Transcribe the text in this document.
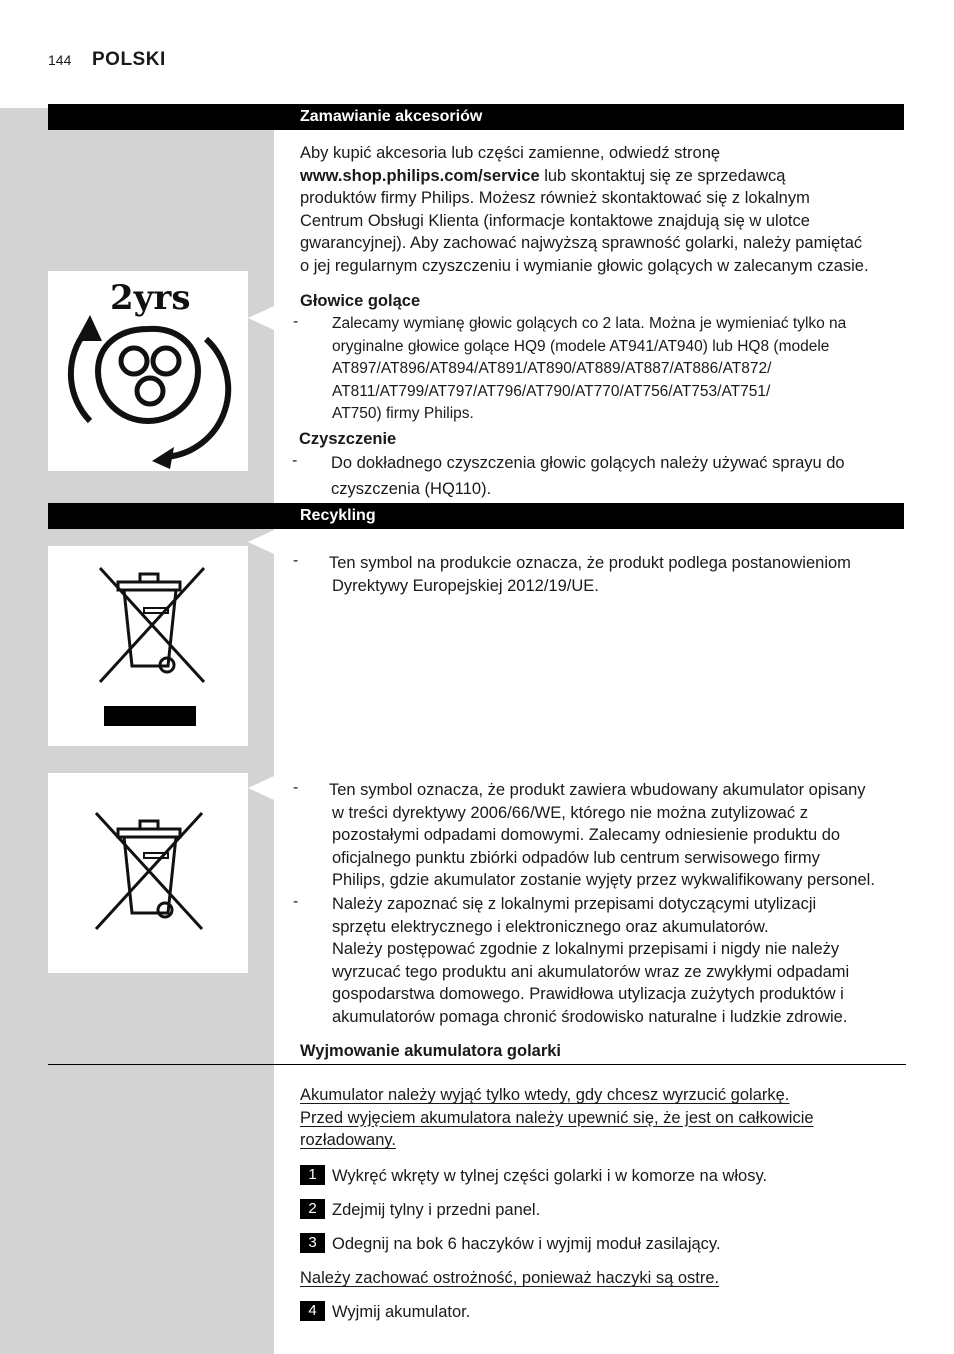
144 POLSKI
Zamawianie akcesoriów

Aby kupić akcesoria lub części zamienne, odwiedź stronę

www.shop.philips.com/service lub skontaktuj się ze sprzedawcą

produktów firmy Philips. Możesz również skontaktować się z lokalnym

Centrum Obsługi Klienta (informacje kontaktowe znajdują się w ulotce

gwarancyjnej). Aby zachować najwyższą sprawność golarki, należy pamiętać

o jej regularnym czyszczeniu i wymianie głowic golących w zalecanym czasie.

2yrs	Głowice golące
- Zalecamy wymianę głowic golących co 2 lata. Można je wymieniać tylko na
oryginalne głowice golące HQ9 (modele AT941/AT940) lub HQ8 (modele
AT897/AT896/AT894/AT891/AT890/AT889/AT887/AT886/AT872/
AT811/AT799/AT797/AT796/AT790/AT770/AT756/AT753/AT751/
AT750) firmy Philips.
Czyszczenie
- Do dokładnego czyszczenia głowic golących należy używać sprayu do
czyszczenia (HQ110).
Recykling
- Ten symbol na produkcie oznacza, że produkt podlega postanowieniom
Dyrektywy Europejskiej 2012/19/UE.
- Ten symbol oznacza, że produkt zawiera wbudowany akumulator opisany
w treści dyrektywy 2006/66/WE, którego nie można zutylizować z
pozostałymi odpadami domowymi. Zalecamy odniesienie produktu do
oficjalnego punktu zbiórki odpadów lub centrum serwisowego firmy
Philips, gdzie akumulator zostanie wyjęty przez wykwalifikowany personel.
- Należy zapoznać się z lokalnymi przepisami dotyczącymi utylizacji
sprzętu elektrycznego i elektronicznego oraz akumulatorów.
Należy postępować zgodnie z lokalnymi przepisami i nigdy nie należy
wyrzucać tego produktu ani akumulatorów wraz ze zwykłymi odpadami
gospodarstwa domowego. Prawidłowa utylizacja zużytych produktów i
akumulatorów pomaga chronić środowisko naturalne i ludzkie zdrowie.
Wyjmowanie akumulatora golarki
Akumulator należy wyjąć tylko wtedy, gdy chcesz wyrzucić golarkę.
Przed wyjęciem akumulatora należy upewnić się, że jest on całkowicie
rozładowany.
1 Wykręć wkręty w tylnej części golarki i w komorze na włosy.
2 Zdejmij tylny i przedni panel.
3 Odegnij na bok 6 haczyków i wyjmij moduł zasilający.
Należy zachować ostrożność, ponieważ haczyki są ostre.
4 Wyjmij akumulator.
